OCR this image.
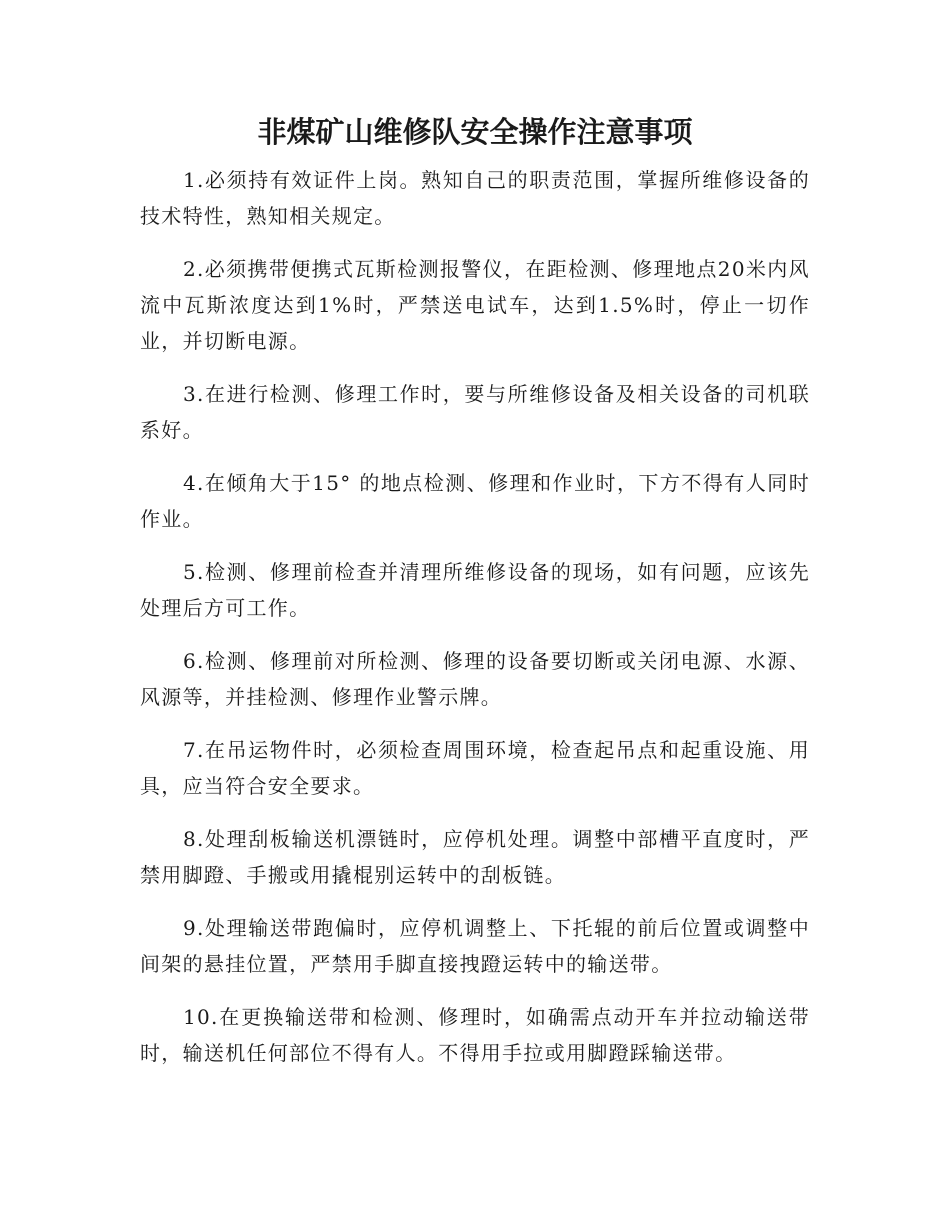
非煤矿山维修队安全操作注意事项

1.必须持有效证件上岗。熟知自己的职责范围，掌握所维修设备的技术特性，熟知相关规定。

2.必须携带便携式瓦斯检测报警仪，在距检测、修理地点20米内风流中瓦斯浓度达到1%时，严禁送电试车，达到1.5%时，停止一切作业，并切断电源。

3.在进行检测、修理工作时，要与所维修设备及相关设备的司机联系好。

4.在倾角大于15° 的地点检测、修理和作业时，下方不得有人同时作业。

5.检测、修理前检查并清理所维修设备的现场，如有问题，应该先处理后方可工作。

6.检测、修理前对所检测、修理的设备要切断或关闭电源、水源、风源等，并挂检测、修理作业警示牌。

7.在吊运物件时，必须检查周围环境，检查起吊点和起重设施、用具，应当符合安全要求。

8.处理刮板输送机漂链时，应停机处理。调整中部槽平直度时，严禁用脚蹬、手搬或用撬棍别运转中的刮板链。

9.处理输送带跑偏时，应停机调整上、下托辊的前后位置或调整中间架的悬挂位置，严禁用手脚直接拽蹬运转中的输送带。

10.在更换输送带和检测、修理时，如确需点动开车并拉动输送带时，输送机任何部位不得有人。不得用手拉或用脚蹬踩输送带。
